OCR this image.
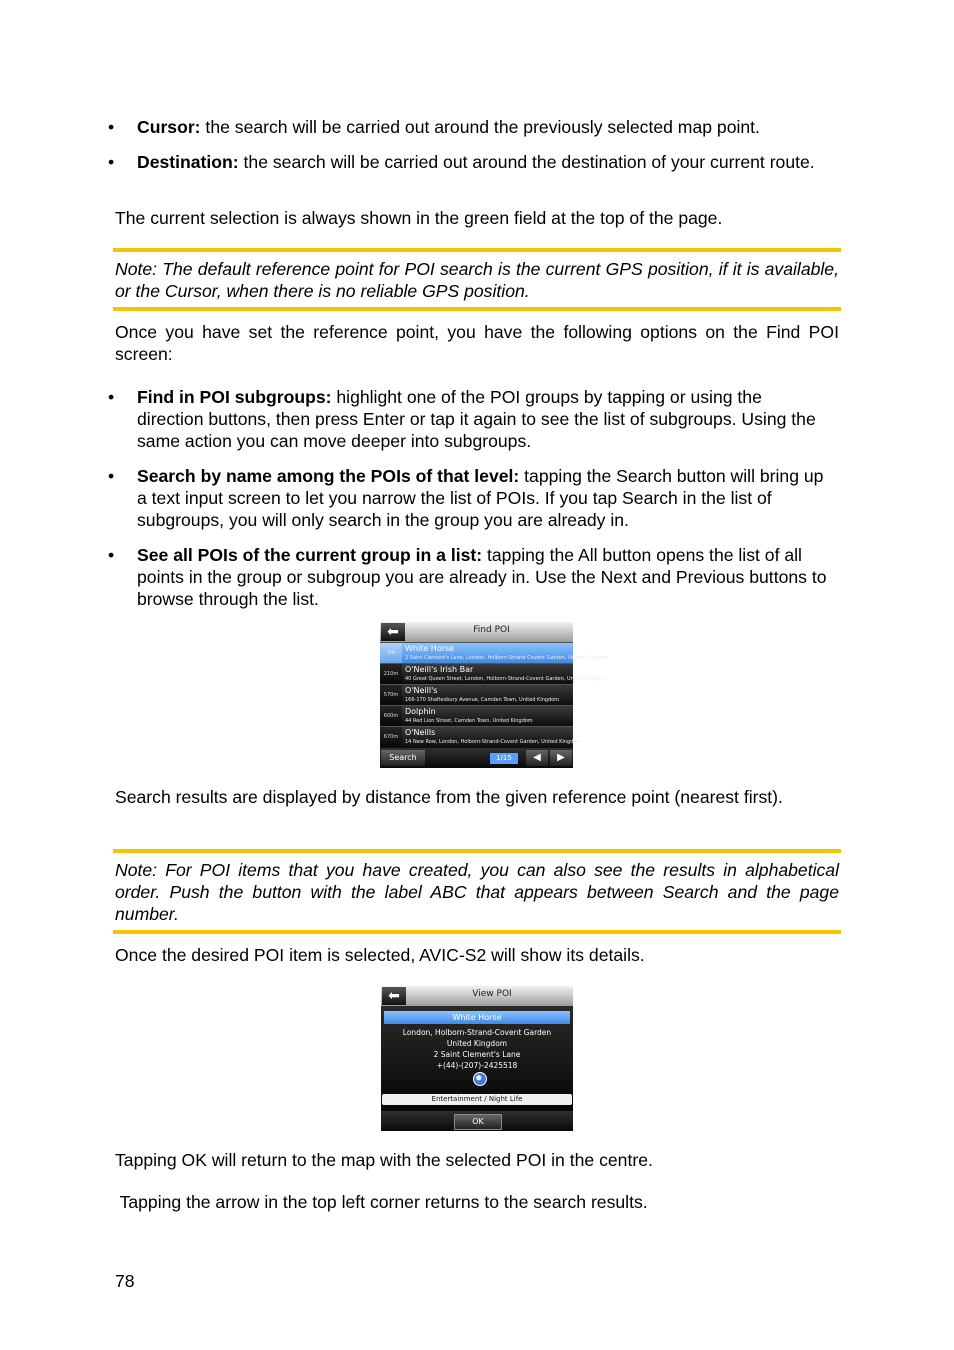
• Cursor: the search will be carried out around the previously selected map point.
• Destination: the search will be carried out around the destination of your current route.
The current selection is always shown in the green field at the top of the page.
Note: The default reference point for POI search is the current GPS position, if it is available, or the Cursor, when there is no reliable GPS position.
Once you have set the reference point, you have the following options on the Find POI screen:
• Find in POI subgroups: highlight one of the POI groups by tapping or using the direction buttons, then press Enter or tap it again to see the list of subgroups. Using the same action you can move deeper into subgroups.
• Search by name among the POIs of that level: tapping the Search button will bring up a text input screen to let you narrow the list of POIs. If you tap Search in the list of subgroups, you will only search in the group you are already in.
• See all POIs of the current group in a list: tapping the All button opens the list of all points in the group or subgroup you are already in. Use the Next and Previous buttons to browse through the list.
⬅	Find POI
7m	White Horse
2 Saint Clement's Lane, London, Holborn-Strand-Covent Garden, United Kingdom
210m O'Neill's Irish Bar
40 Great Queen Street, London, Holborn-Strand-Covent Garden, United Kingdom
570m O'Neill's
166-170 Shaftesbury Avenue, Camden Town, United Kingdom
600m Dolphin
44 Red Lion Street, Camden Town, United Kingdom
670m O'Neills
14 New Row, London, Holborn-Strand-Covent Garden, United Kingdom
Search	1/15	◀	▶
Search results are displayed by distance from the given reference point (nearest first).
Note: For POI items that you have created, you can also see the results in alphabetical order. Push the button with the label ABC that appears between Search and the page number.
Once the desired POI item is selected, AVIC-S2 will show its details.
⬅	View POI
White Horse
London, Holborn-Strand-Covent Garden
United Kingdom
2 Saint Clement's Lane
+(44)-(207)-2425518
Entertainment / Night Life
OK
Tapping OK will return to the map with the selected POI in the centre.
Tapping the arrow in the top left corner returns to the search results.
78
